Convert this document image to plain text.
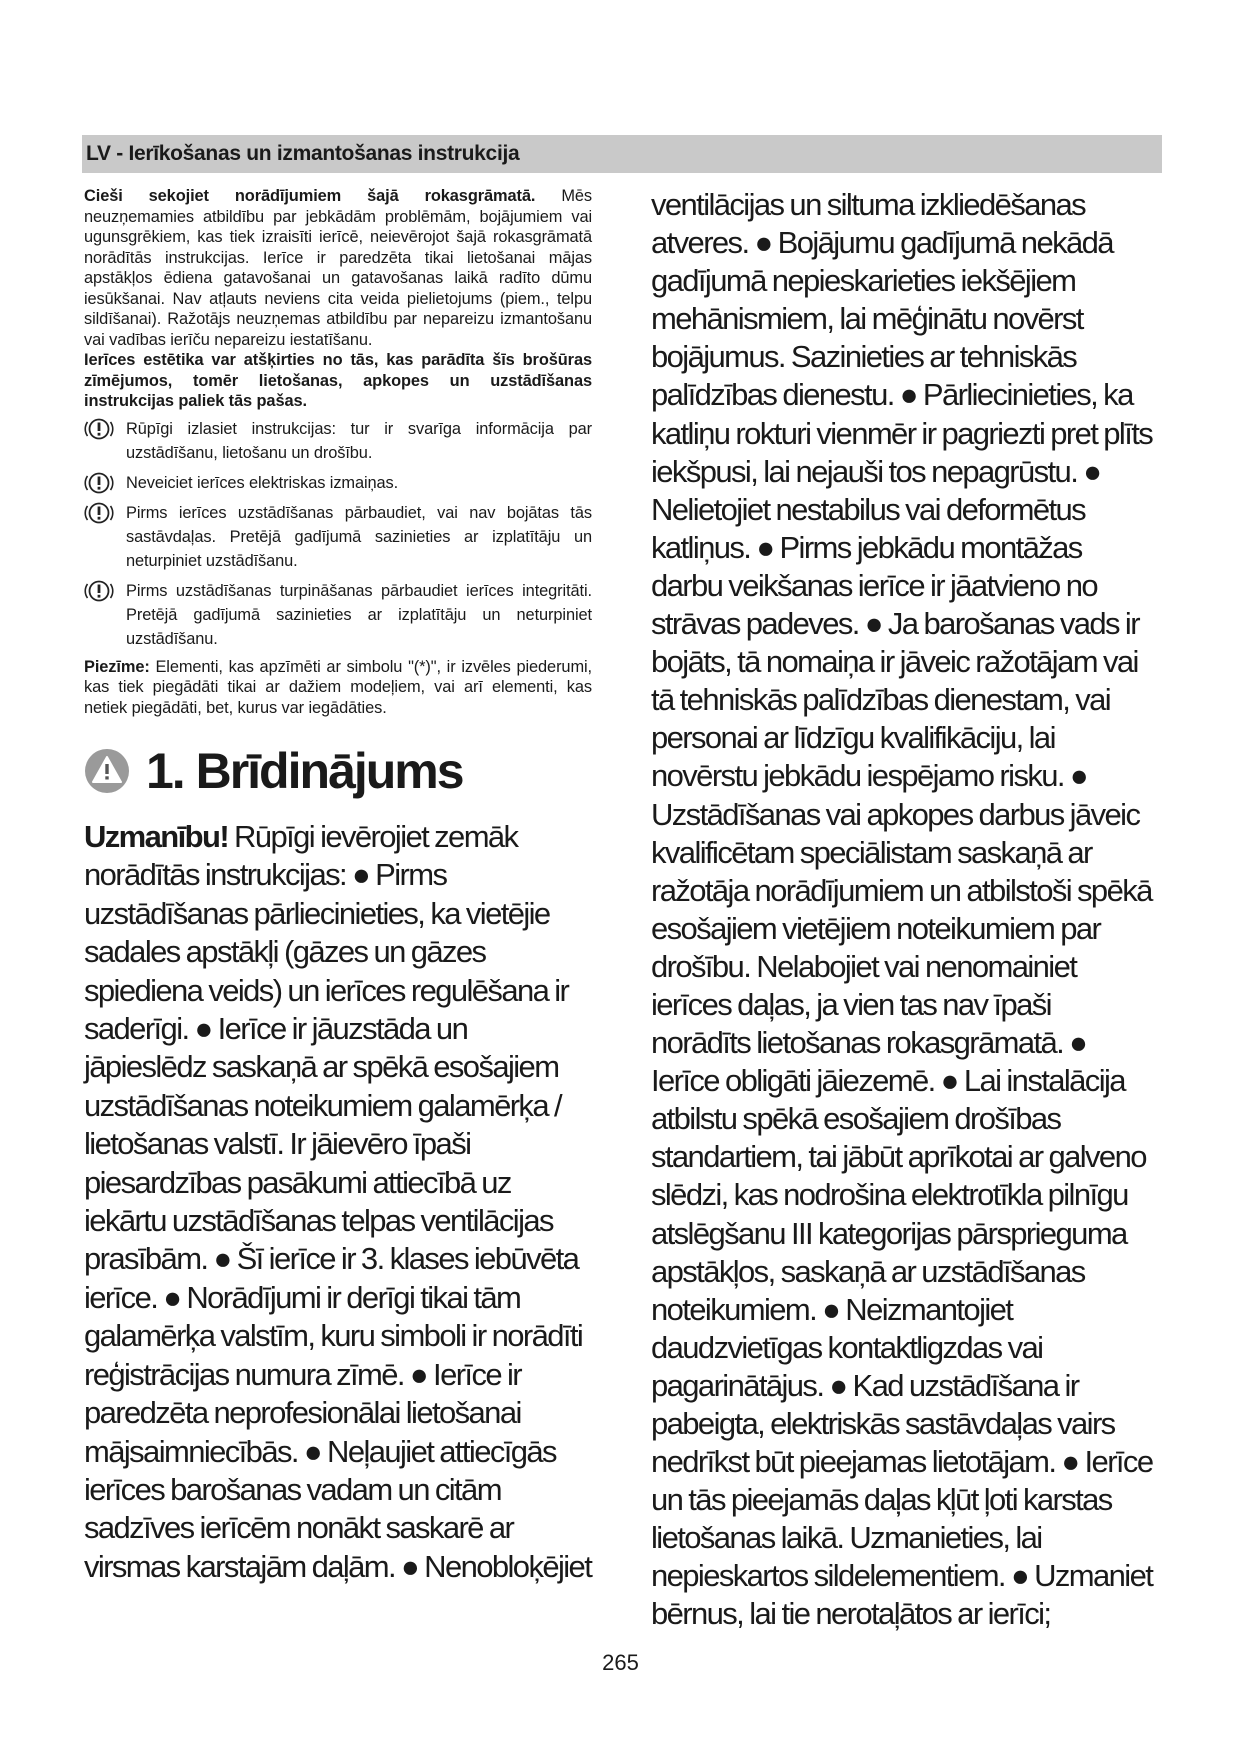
LV - Ierīkošanas un izmantošanas instrukcija

Cieši sekojiet norādījumiem šajā rokasgrāmatā. Mēs neuzņemamies atbildību par jebkādām problēmām, bojājumiem vai ugunsgrēkiem, kas tiek izraisīti ierīcē, neievērojot šajā rokasgrāmatā norādītās instrukcijas. Ierīce ir paredzēta tikai lietošanai mājas apstākļos ēdiena gatavošanai un gatavošanas laikā radīto dūmu iesūkšanai. Nav atļauts neviens cita veida pielietojums (piem., telpu sildīšanai). Ražotājs neuzņemas atbildību par nepareizu izmantošanu vai vadības ierīču nepareizu iestatīšanu.

Ierīces estētika var atšķirties no tās, kas parādīta šīs brošūras zīmējumos, tomēr lietošanas, apkopes un uzstādīšanas instrukcijas paliek tās pašas.

Rūpīgi izlasiet instrukcijas: tur ir svarīga informācija par uzstādīšanu, lietošanu un drošību.

Neveiciet ierīces elektriskas izmaiņas.

Pirms ierīces uzstādīšanas pārbaudiet, vai nav bojātas tās sastāvdaļas. Pretējā gadījumā sazinieties ar izplatītāju un neturpiniet uzstādīšanu.

Pirms uzstādīšanas turpināšanas pārbaudiet ierīces integritāti. Pretējā gadījumā sazinieties ar izplatītāju un neturpiniet uzstādīšanu.

Piezīme: Elementi, kas apzīmēti ar simbolu "(*)", ir izvēles piederumi, kas tiek piegādāti tikai ar dažiem modeļiem, vai arī elementi, kas netiek piegādāti, bet, kurus var iegādāties.

1. Brīdinājums

Uzmanību! Rūpīgi ievērojiet zemāk norādītās instrukcijas: ● Pirms uzstādīšanas pārliecinieties, ka vietējie sadales apstākļi (gāzes un gāzes spiediena veids) un ierīces regulēšana ir saderīgi. ● Ierīce ir jāuzstāda un jāpieslēdz saskaņā ar spēkā esošajiem uzstādīšanas noteikumiem galamērķa / lietošanas valstī. Ir jāievēro īpaši piesardzības pasākumi attiecībā uz iekārtu uzstādīšanas telpas ventilācijas prasībām. ● Šī ierīce ir 3. klases iebūvēta ierīce. ● Norādījumi ir derīgi tikai tām galamērķa valstīm, kuru simboli ir norādīti reģistrācijas numura zīmē. ● Ierīce ir paredzēta neprofesionālai lietošanai mājsaimniecībās. ● Neļaujiet attiecīgās ierīces barošanas vadam un citām sadzīves ierīcēm nonākt saskarē ar virsmas karstajām daļām. ● Nenobloķējiet

ventilācijas un siltuma izkliedēšanas atveres. ● Bojājumu gadījumā nekādā gadījumā nepieskarieties iekšējiem mehānismiem, lai mēģinātu novērst bojājumus. Sazinieties ar tehniskās palīdzības dienestu. ● Pārliecinieties, ka katliņu rokturi vienmēr ir pagriezti pret plīts iekšpusi, lai nejauši tos nepagrūstu. ● Nelietojiet nestabilus vai deformētus katliņus. ● Pirms jebkādu montāžas darbu veikšanas ierīce ir jāatvieno no strāvas padeves. ● Ja barošanas vads ir bojāts, tā nomaiņa ir jāveic ražotājam vai tā tehniskās palīdzības dienestam, vai personai ar līdzīgu kvalifikāciju, lai novērstu jebkādu iespējamo risku. ● Uzstādīšanas vai apkopes darbus jāveic kvalificētam speciālistam saskaņā ar ražotāja norādījumiem un atbilstoši spēkā esošajiem vietējiem noteikumiem par drošību. Nelabojiet vai nenomainiet ierīces daļas, ja vien tas nav īpaši norādīts lietošanas rokasgrāmatā. ● Ierīce obligāti jāiezemē. ● Lai instalācija atbilstu spēkā esošajiem drošības standartiem, tai jābūt aprīkotai ar galveno slēdzi, kas nodrošina elektrotīkla pilnīgu atslēgšanu III kategorijas pārsprieguma apstākļos, saskaņā ar uzstādīšanas noteikumiem. ● Neizmantojiet daudzvietīgas kontaktligzdas vai pagarinātājus. ● Kad uzstādīšana ir pabeigta, elektriskās sastāvdaļas vairs nedrīkst būt pieejamas lietotājam. ● Ierīce un tās pieejamās daļas kļūt ļoti karstas lietošanas laikā. Uzmanieties, lai nepieskartos sildelementiem. ● Uzmaniet bērnus, lai tie nerotaļātos ar ierīci;

265
